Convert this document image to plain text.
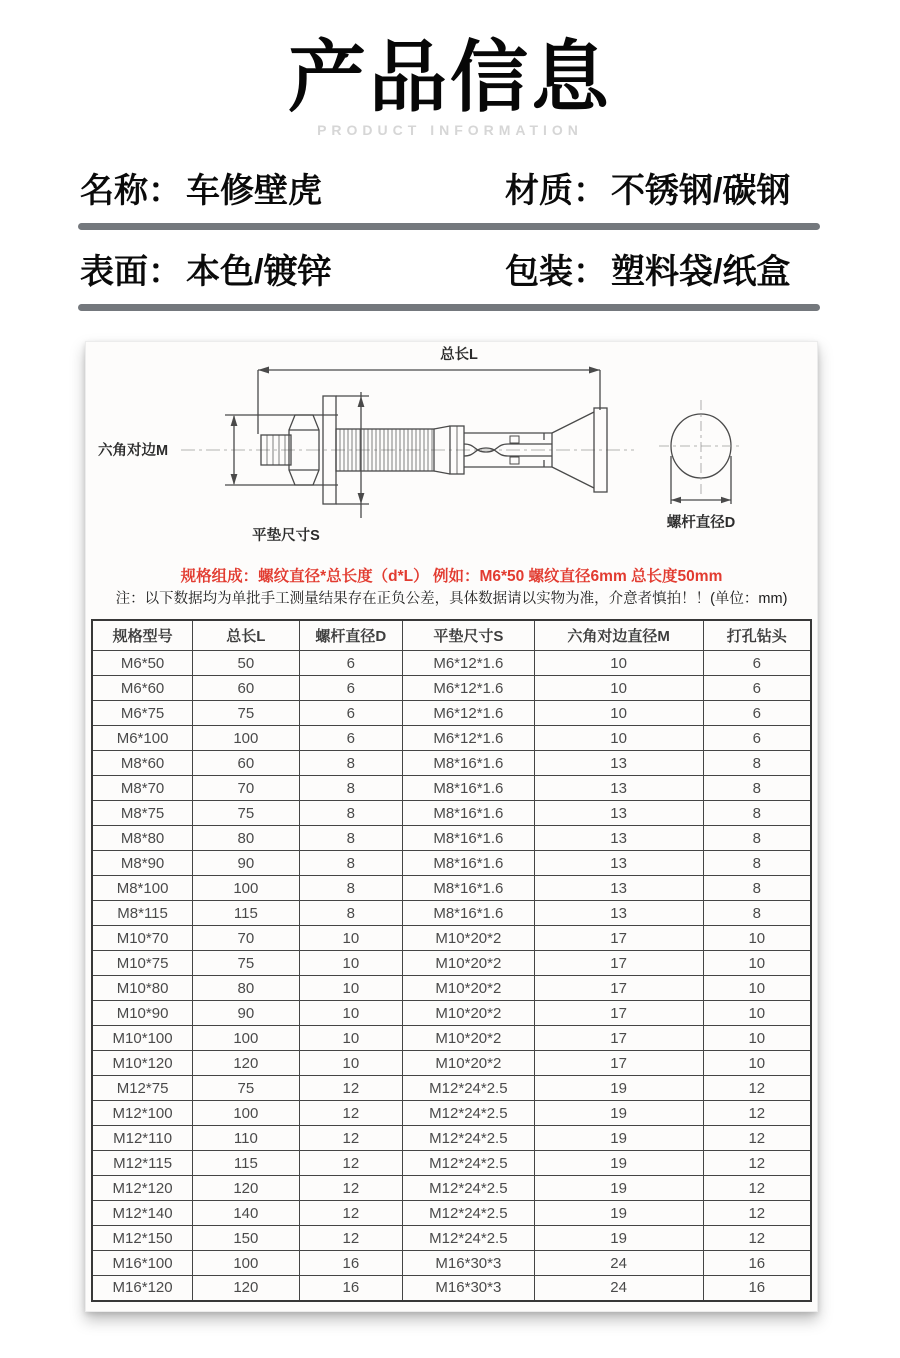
产品信息
PRODUCT INFORMATION
名称： 车修壁虎	材质： 不锈钢/碳钢
表面： 本色/镀锌	包装： 塑料袋/纸盒
总长L
六角对边M
平垫尺寸S
螺杆直径D
规格组成：螺纹直径*总长度（d*L） 例如：M6*50 螺纹直径6mm 总长度50mm
注：以下数据均为单批手工测量结果存在正负公差，具体数据请以实物为准，介意者慎拍！！(单位：mm)
规格型号	总长L	螺杆直径D	平垫尺寸S	六角对边直径M	打孔钻头
M6*50	50	6	M6*12*1.6	10	6
M6*60	60	6	M6*12*1.6	10	6
M6*75	75	6	M6*12*1.6	10	6
M6*100	100	6	M6*12*1.6	10	6
M8*60	60	8	M8*16*1.6	13	8
M8*70	70	8	M8*16*1.6	13	8
M8*75	75	8	M8*16*1.6	13	8
M8*80	80	8	M8*16*1.6	13	8
M8*90	90	8	M8*16*1.6	13	8
M8*100	100	8	M8*16*1.6	13	8
M8*115	115	8	M8*16*1.6	13	8
M10*70	70	10	M10*20*2	17	10
M10*75	75	10	M10*20*2	17	10
M10*80	80	10	M10*20*2	17	10
M10*90	90	10	M10*20*2	17	10
M10*100	100	10	M10*20*2	17	10
M10*120	120	10	M10*20*2	17	10
M12*75	75	12	M12*24*2.5	19	12
M12*100	100	12	M12*24*2.5	19	12
M12*110	110	12	M12*24*2.5	19	12
M12*115	115	12	M12*24*2.5	19	12
M12*120	120	12	M12*24*2.5	19	12
M12*140	140	12	M12*24*2.5	19	12
M12*150	150	12	M12*24*2.5	19	12
M16*100	100	16	M16*30*3	24	16
M16*120	120	16	M16*30*3	24	16
